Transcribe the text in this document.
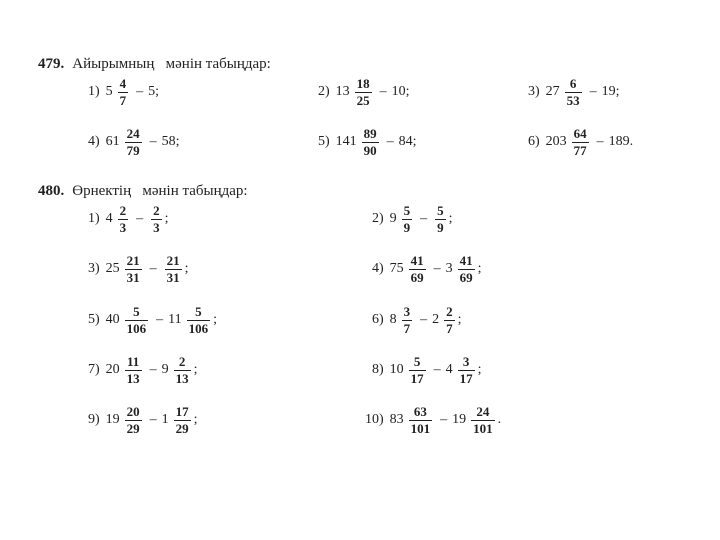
479. Айырымның   мәнін табыңдар:
1) $5 \frac{4}{7} - 5$;	2) $13 \frac{18}{25} - 10$;	3) $27 \frac{6}{53} - 19$;
4) $61 \frac{24}{79} - 58$;	5) $141 \frac{89}{90} - 84$;	6) $203 \frac{64}{77} - 189$.
480. Өрнектің   мәнін табыңдар:
1) $4 \frac{2}{3} - \frac{2}{3}$ ;	2) $9 \frac{5}{9} - \frac{5}{9}$ ;
3) $25 \frac{21}{31} - \frac{21}{31}$ ;	4) $75 \frac{41}{69} - 3 \frac{41}{69}$ ;
5) $40 \frac{5}{106} - 11 \frac{5}{106}$ ;	6) $8 \frac{3}{7} - 2 \frac{2}{7}$ ;
7) $20 \frac{11}{13} - 9 \frac{2}{13}$ ;	8) $10 \frac{5}{17} - 4 \frac{3}{17}$ ;
9) $19 \frac{20}{29} - 1 \frac{17}{29}$ ;	10) $83 \frac{63}{101} - 19 \frac{24}{101}$ .
